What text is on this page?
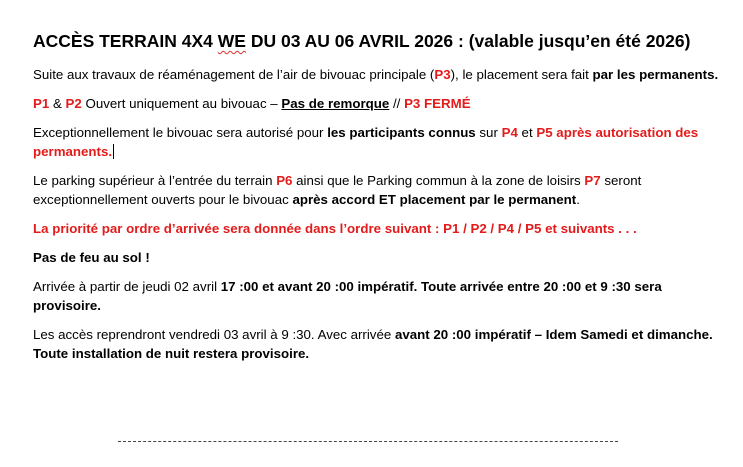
ACCÈS TERRAIN 4X4 WE DU 03 AU 06 AVRIL 2026 : (valable jusqu’en été 2026)

Suite aux travaux de réaménagement de l’air de bivouac principale (P3), le placement sera fait par les permanents.

P1 & P2 Ouvert uniquement au bivouac – Pas de remorque // P3 FERMÉ

Exceptionnellement le bivouac sera autorisé pour les participants connus sur P4 et P5 après autorisation des permanents.

Le parking supérieur à l’entrée du terrain P6 ainsi que le Parking commun à la zone de loisirs P7 seront exceptionnellement ouverts pour le bivouac après accord ET placement par le permanent.

La priorité par ordre d’arrivée sera donnée dans l’ordre suivant : P1 / P2 / P4 / P5 et suivants . . .

Pas de feu au sol !

Arrivée à partir de jeudi 02 avril 17 :00 et avant 20 :00 impératif. Toute arrivée entre 20 :00 et 9 :30 sera provisoire.

Les accès reprendront vendredi 03 avril à 9 :30. Avec arrivée avant 20 :00 impératif – Idem Samedi et dimanche. Toute installation de nuit restera provisoire.
